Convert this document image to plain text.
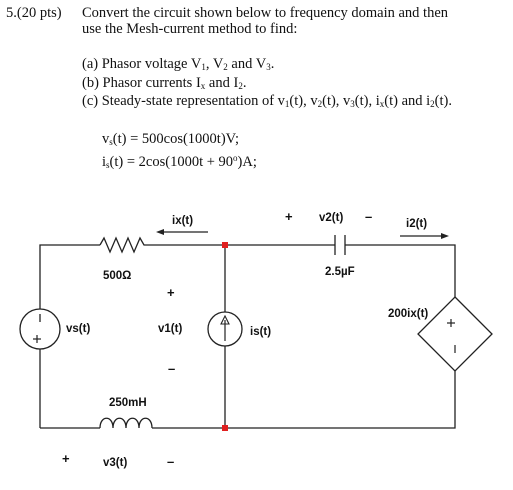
5.(20 pts) Convert the circuit shown below to frequency domain and then
use the Mesh-current method to find:
(a) Phasor voltage $V_1$, $V_2$ and $V_3$.
(b) Phasor currents $I_x$ and $I_2$.
(c) Steady-state representation of $v_1(t)$, $v_2(t)$, $v_3(t)$, $i_x(t)$ and $i_2(t)$.
$v_s(t) = 500\cos(1000t)V$;
$i_s(t) = 2\cos(1000t + 90^o)A$;
ix(t)	+ v2(t) –	i2(t)
500Ω	2.5µF
+
v1(t)
–
vs(t)	is(t)
200ix(t)
250mH
+	v3(t)	–
